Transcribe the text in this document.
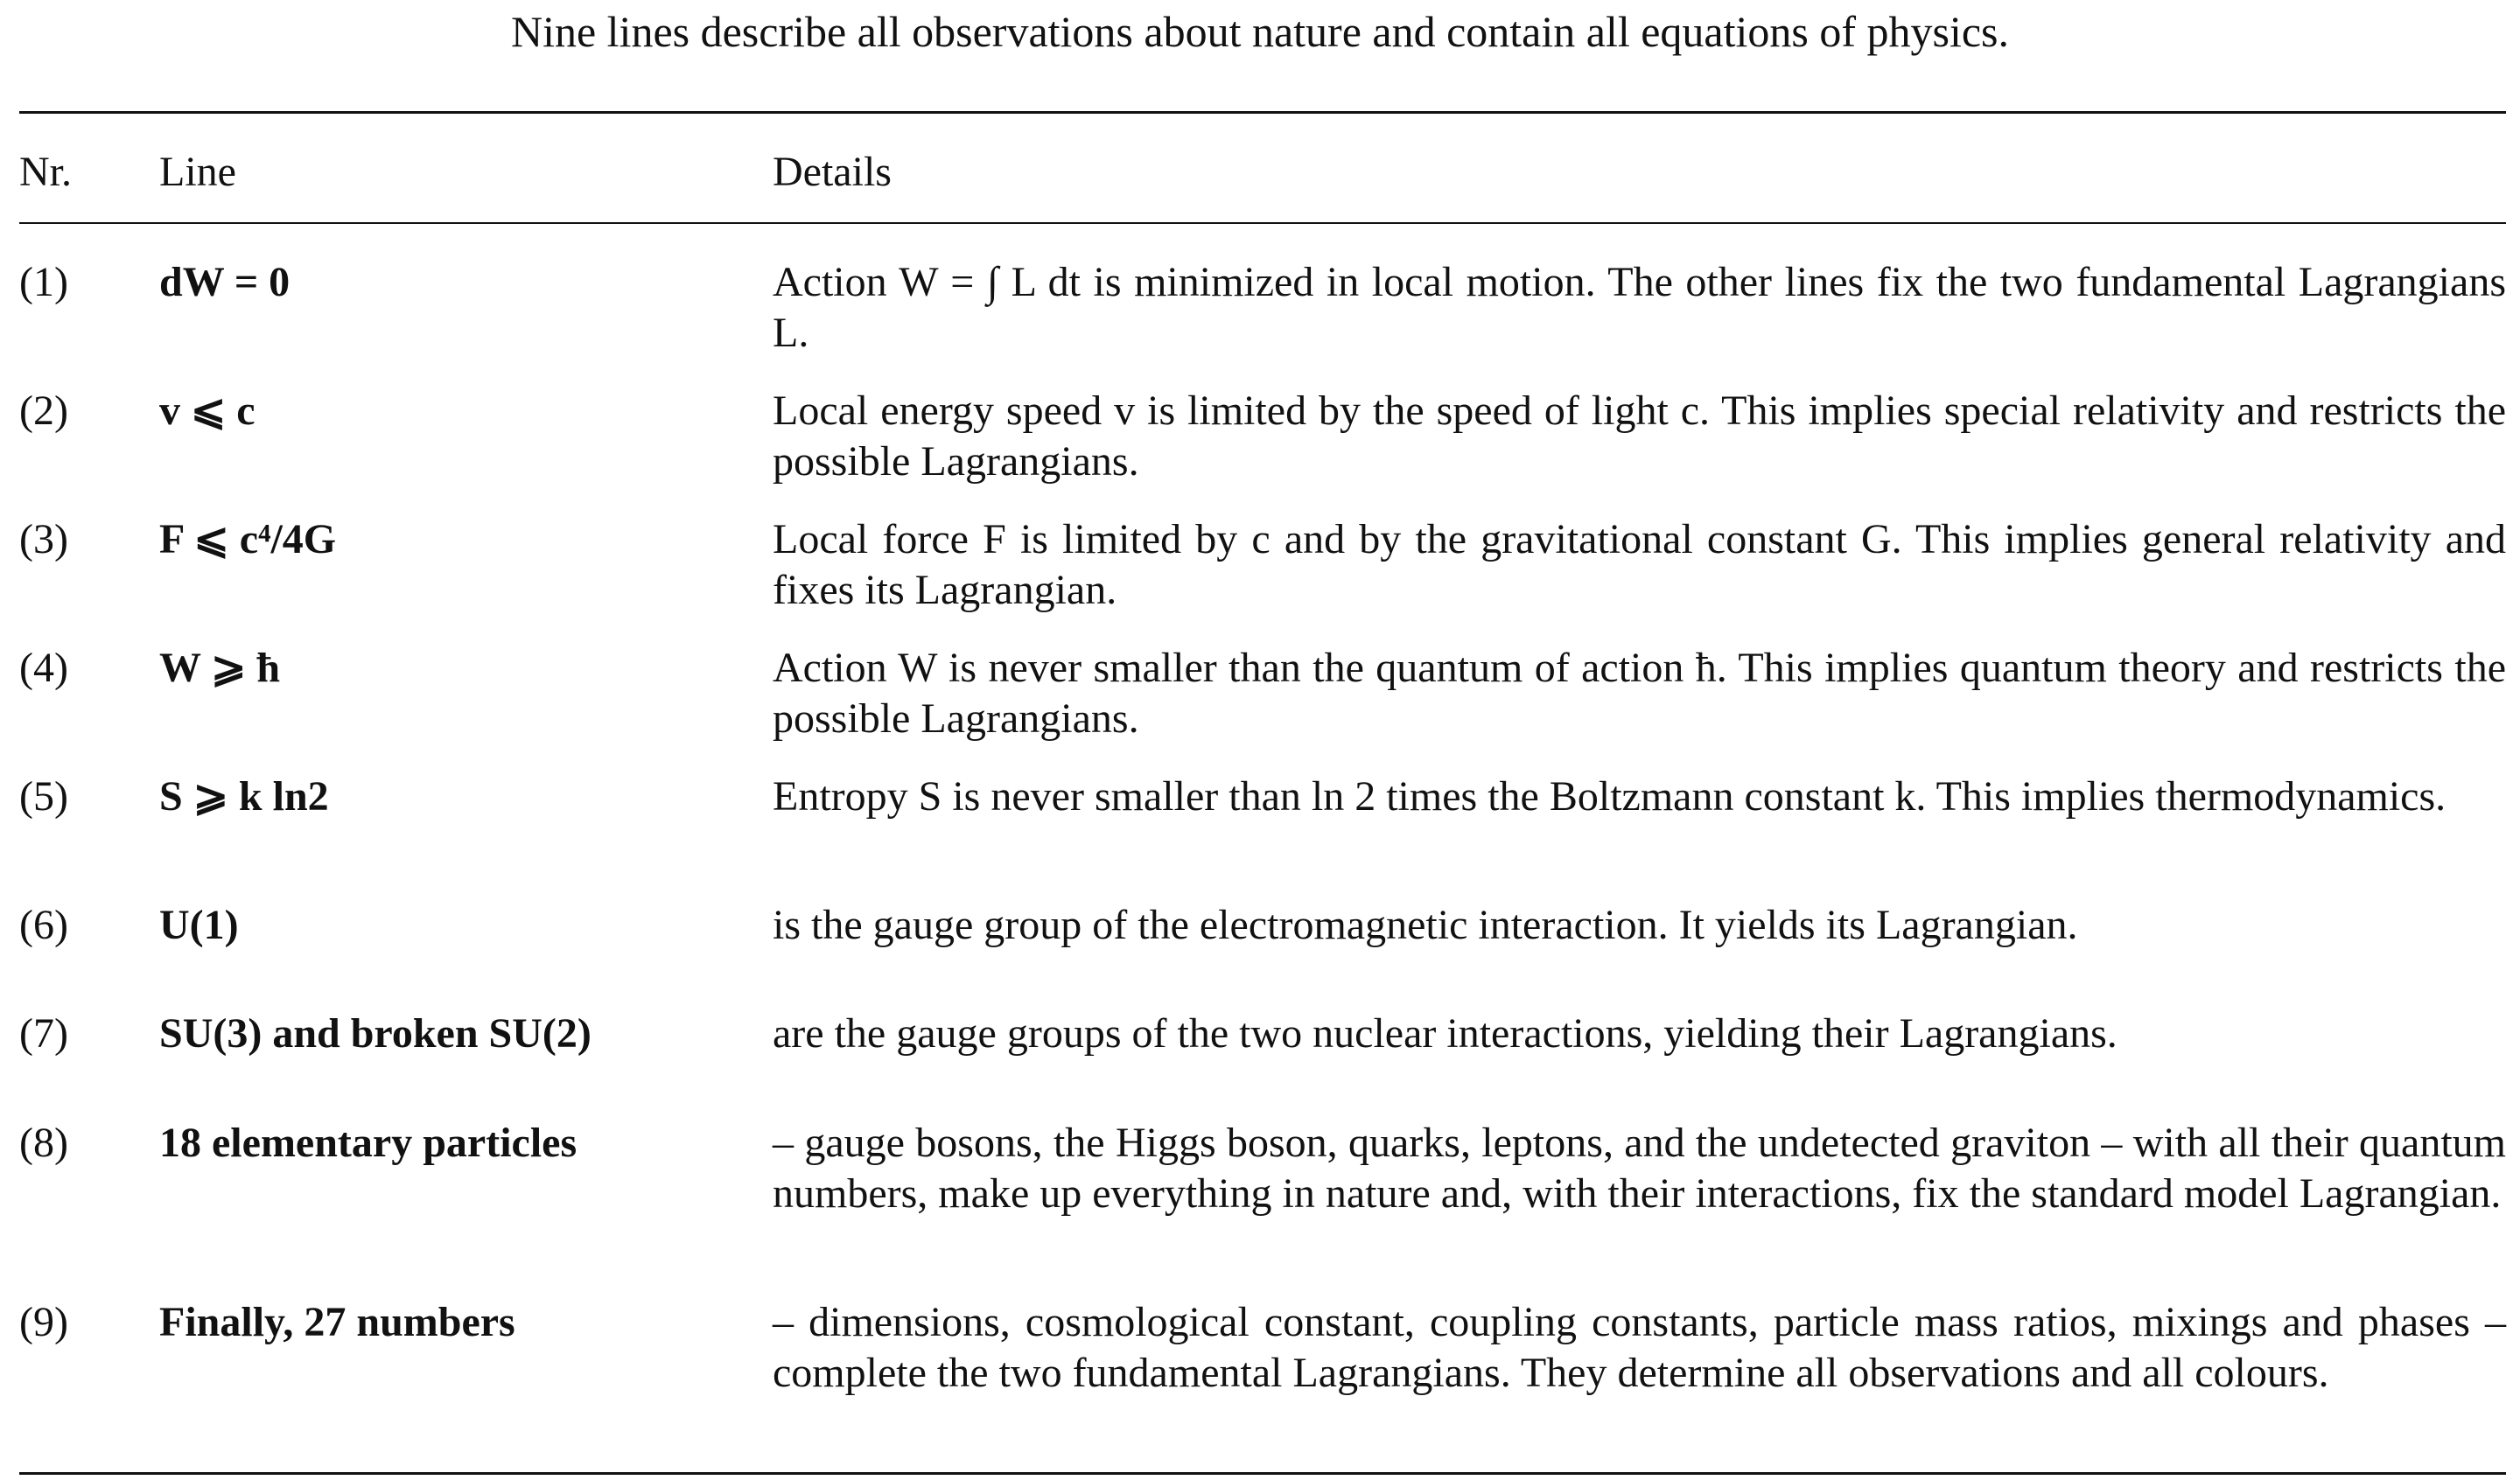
Nine lines describe all observations about nature and contain all equations of physics.
Nr. Line	Details
(1) dW = 0	Action W = ∫ L dt is minimized in local motion. The other lines fix the two fundamental Lagrangians L.
(2) v ⩽ c	Local energy speed v is limited by the speed of light c. This implies special relativity and restricts the possible Lagrangians.
(3) F ⩽ c⁴/4G	Local force F is limited by c and by the gravitational constant G. This implies general relativity and fixes its Lagrangian.
(4) W ⩾ ħ	Action W is never smaller than the quantum of action ħ. This implies quantum theory and restricts the possible Lagrangians.
(5) S ⩾ k ln2	Entropy S is never smaller than ln 2 times the Boltzmann constant k. This implies thermodynamics.
(6) U(1)	is the gauge group of the electromagnetic interaction. It yields its Lagrangian.
(7) SU(3) and broken SU(2)	are the gauge groups of the two nuclear interactions, yielding their Lagrangians.
(8) 18 elementary particles	– gauge bosons, the Higgs boson, quarks, leptons, and the undetected graviton – with all their quantum numbers, make up everything in nature and, with their interactions, fix the standard model Lagrangian.
(9) Finally, 27 numbers	– dimensions, cosmological constant, coupling constants, particle mass ratios, mixings and phases – complete the two fundamental Lagrangians. They determine all observations and all colours.
